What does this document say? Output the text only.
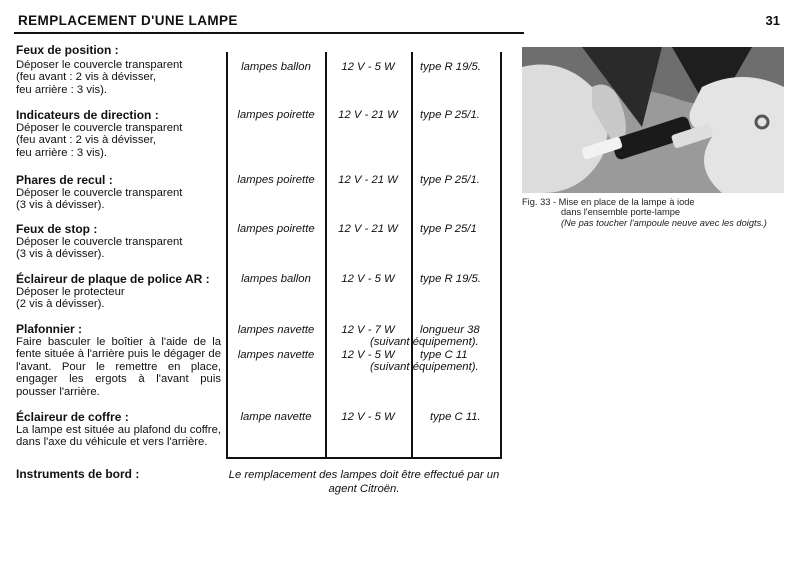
REMPLACEMENT D'UNE LAMPE	31
Feux de position :
Déposer le couvercle transparent
(feu avant : 2 vis à dévisser,
feu arrière : 3 vis).
lampes ballon	12 V - 5 W	type R 19/5.
Indicateurs de direction :
Déposer le couvercle transparent
(feu avant : 2 vis à dévisser,
feu arrière : 3 vis).
lampes poirette	12 V - 21 W	type P 25/1.
Phares de recul :
Déposer le couvercle transparent
(3 vis à dévisser).
lampes poirette	12 V - 21 W	type P 25/1.
Feux de stop :
Déposer le couvercle transparent
(3 vis à dévisser).
lampes poirette	12 V - 21 W	type P 25/1
Éclaireur de plaque de police AR :
Déposer le protecteur
(2 vis à dévisser).
lampes ballon	12 V - 5 W	type R 19/5.
Plafonnier :
Faire basculer le boîtier à l'aide de la fente située à l'arrière puis le dégager de l'avant. Pour le remettre en place, engager les ergots à l'avant puis pousser l'arrière.
lampes navette	12 V - 7 W	longueur 38
(suivant équipement).
lampes navette	12 V - 5 W	type C 11
(suivant équipement).
Éclaireur de coffre :
La lampe est située au plafond du coffre, dans l'axe du véhicule et vers l'arrière.
lampe navette	12 V - 5 W	type C 11.
Instruments de bord :	Le remplacement des lampes doit être effectué par un agent Citroën.
Fig. 33 - Mise en place de la lampe à iode
dans l'ensemble porte-lampe
(Ne pas toucher l'ampoule neuve avec les doigts.)
